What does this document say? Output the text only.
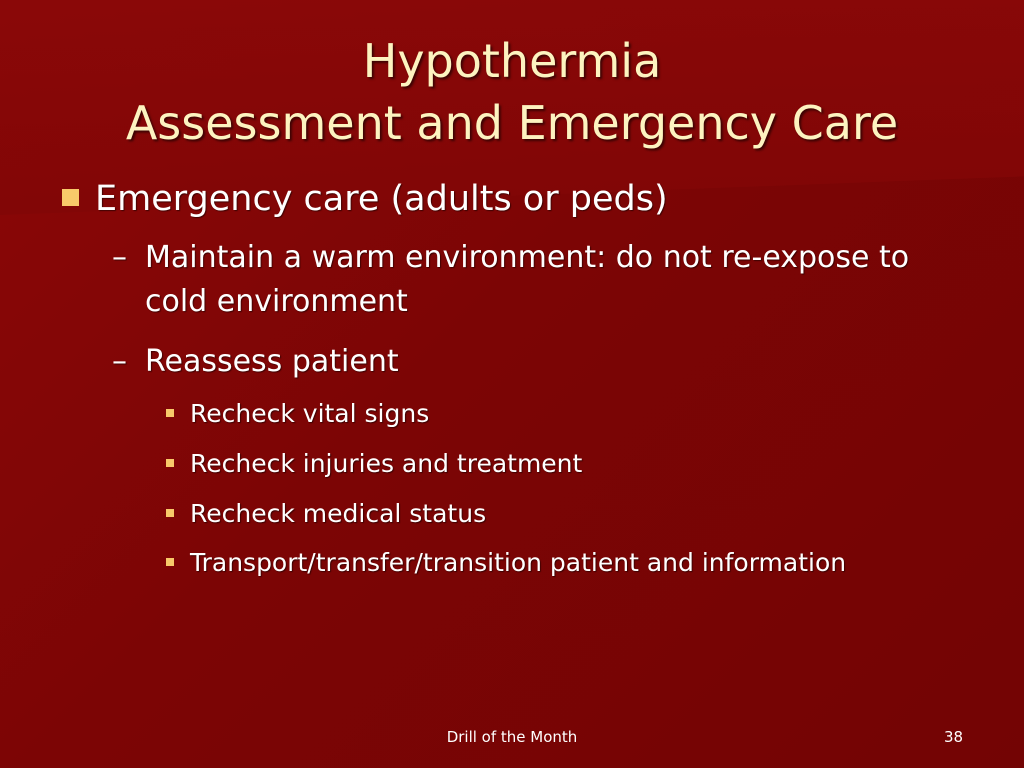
Hypothermia
Assessment and Emergency Care
Emergency care (adults or peds)
– Maintain a warm environment: do not re-expose to cold environment
– Reassess patient
Recheck vital signs
Recheck injuries and treatment
Recheck medical status
Transport/transfer/transition patient and information
Drill of the Month	38
